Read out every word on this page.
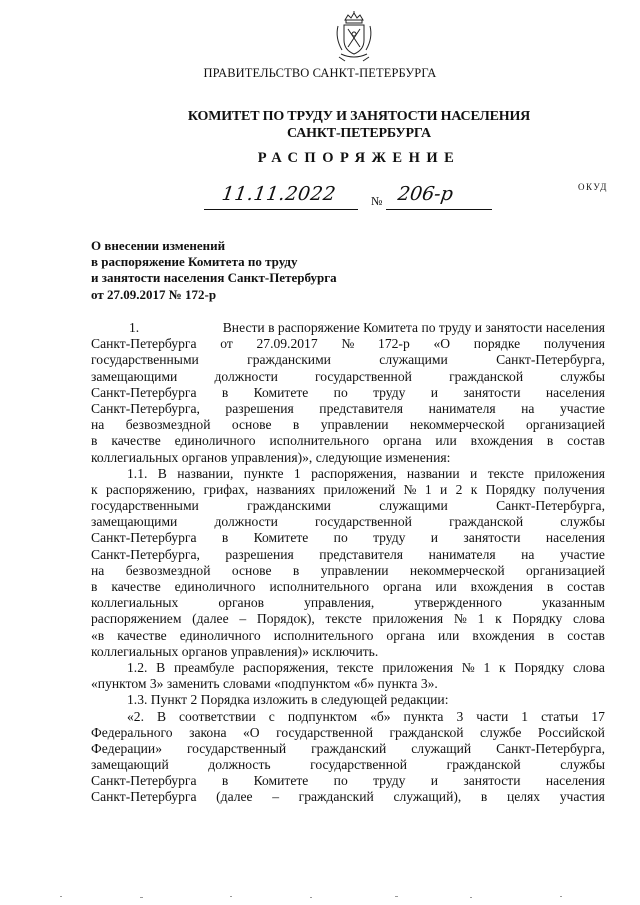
ПРАВИТЕЛЬСТВО САНКТ-ПЕТЕРБУРГА
КОМИТЕТ ПО ТРУДУ И ЗАНЯТОСТИ НАСЕЛЕНИЯ
САНКТ-ПЕТЕРБУРГА
РАСПОРЯЖЕНИЕ
ОКУД
11.11.2022	№ 206-р
О внесении изменений
в распоряжение Комитета по труду
и занятости населения Санкт-Петербурга
от 27.09.2017 № 172-р
1.	Внести в распоряжение Комитета по труду и занятости населения
Санкт-Петербурга от 27.09.2017 № 172-р «О порядке получения
государственными	гражданскими	служащими	Санкт-Петербурга,
замещающими	должности	государственной	гражданской	службы
Санкт-Петербурга в Комитете по труду и занятости населения
Санкт-Петербурга, разрешения представителя нанимателя на участие
на безвозмездной основе в управлении некоммерческой организацией
в качестве единоличного исполнительного органа или вхождения в состав
коллегиальных органов управления)», следующие изменения:
1.1. В названии, пункте 1 распоряжения, названии и тексте приложения
к распоряжению, грифах, названиях приложений № 1 и 2 к Порядку получения
государственными	гражданскими	служащими	Санкт-Петербурга,
замещающими	должности	государственной	гражданской	службы
Санкт-Петербурга в Комитете по труду и занятости населения
Санкт-Петербурга, разрешения представителя нанимателя на участие
на безвозмездной основе в управлении некоммерческой организацией
в качестве единоличного исполнительного органа или вхождения в состав
коллегиальных	органов	управления,	утвержденного	указанным
распоряжением (далее – Порядок), тексте приложения № 1 к Порядку слова
«в качестве единоличного исполнительного органа или вхождения в состав
коллегиальных органов управления)» исключить.
1.2. В преамбуле распоряжения, тексте приложения № 1 к Порядку слова
«пунктом 3» заменить словами «подпунктом «б» пункта 3».
1.3. Пункт 2 Порядка изложить в следующей редакции:
«2. В соответствии с подпунктом «б» пункта 3 части 1 статьи 17
Федерального закона «О государственной гражданской службе Российской
Федерации» государственный гражданский служащий Санкт-Петербурга,
замещающий	должность	государственной	гражданской	службы
Санкт-Петербурга в Комитете по труду и занятости населения
Санкт-Петербурга (далее – гражданский служащий), в целях участия
